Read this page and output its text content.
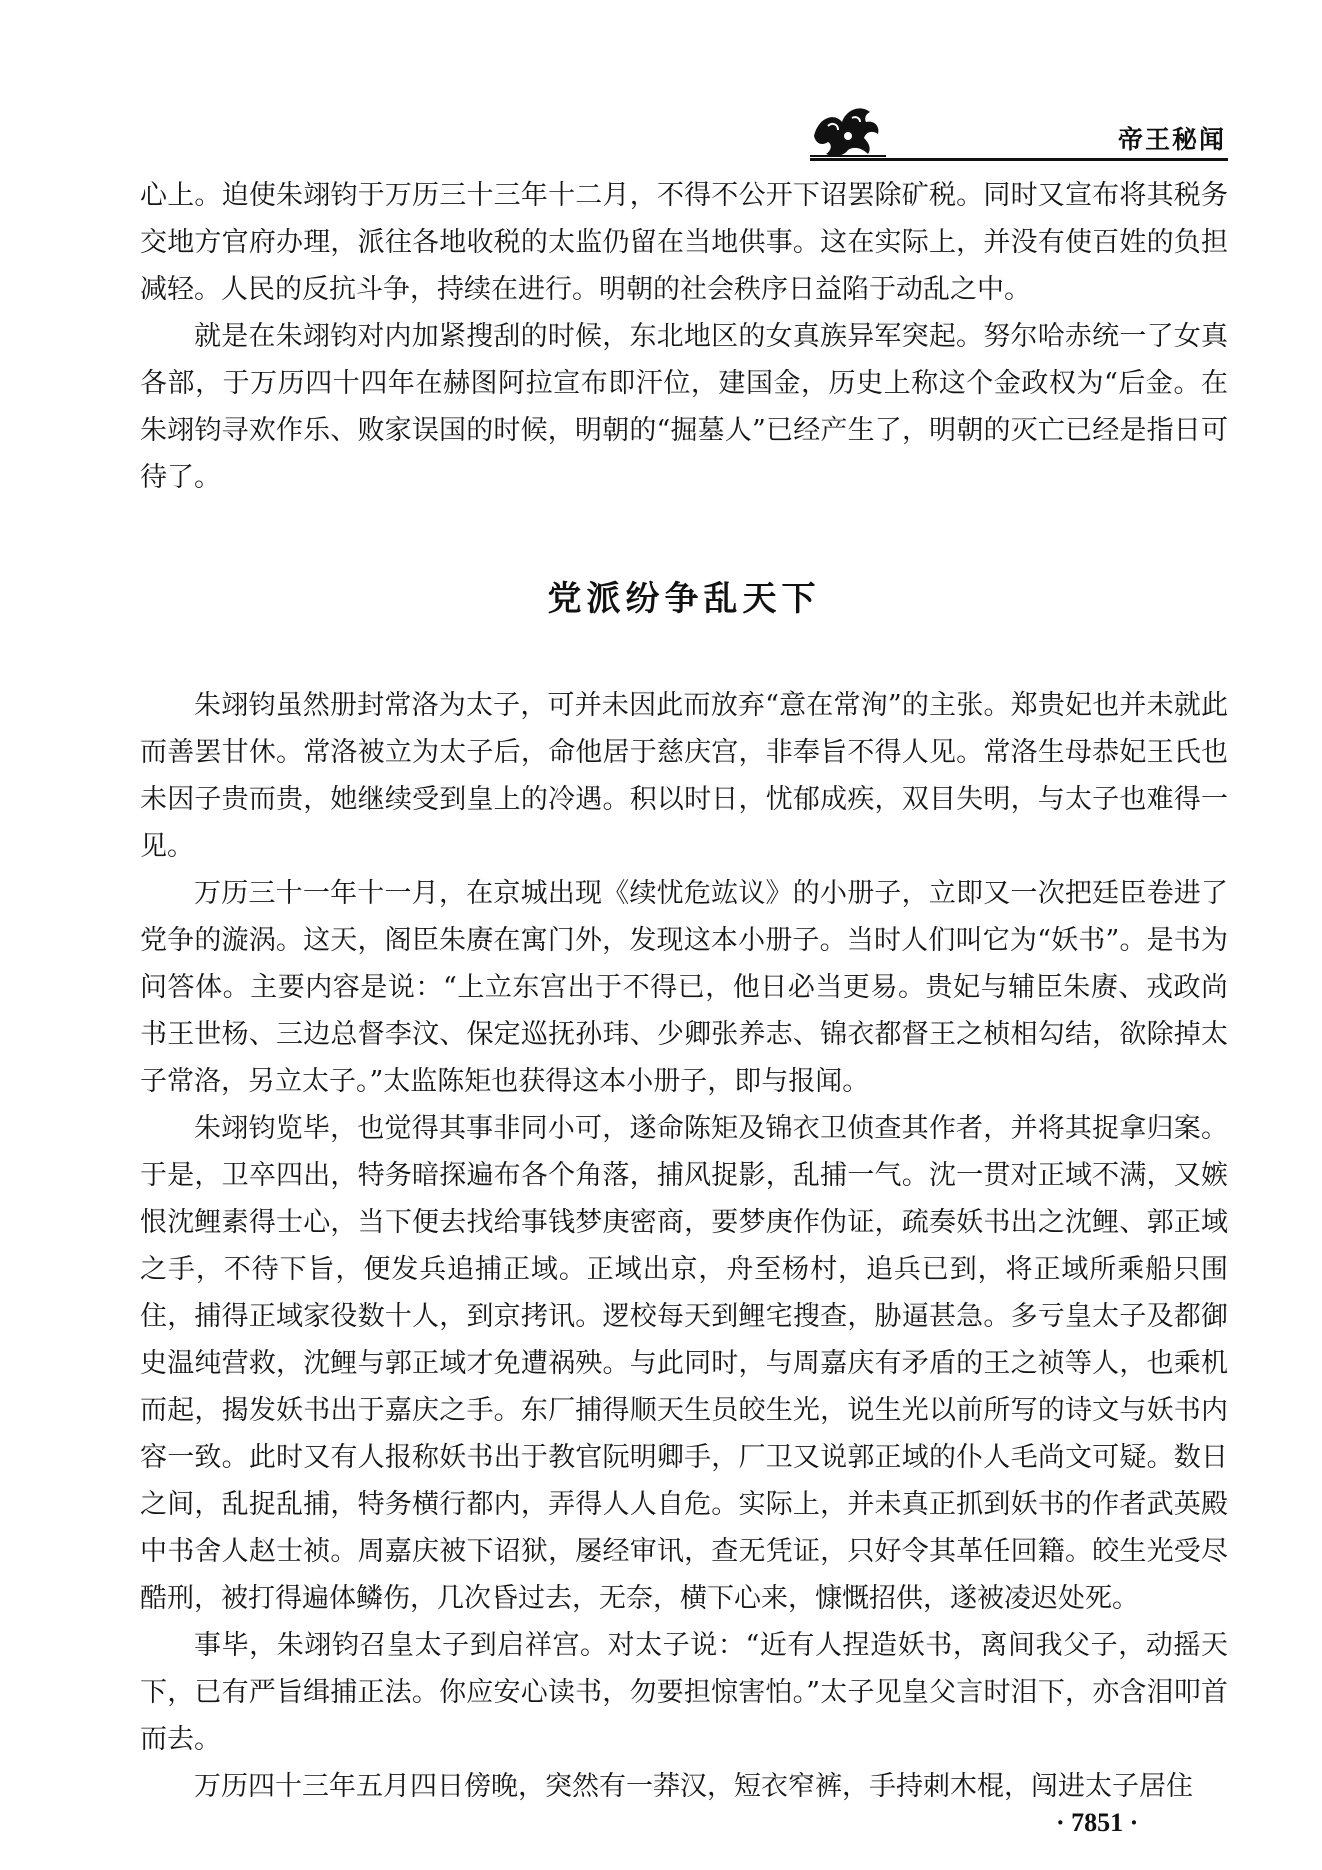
帝王秘闻

心上。迫使朱翊钧于万历三十三年十二月，不得不公开下诏罢除矿税。同时又宣布将其税务交地方官府办理，派往各地收税的太监仍留在当地供事。这在实际上，并没有使百姓的负担减轻。人民的反抗斗争，持续在进行。明朝的社会秩序日益陷于动乱之中。

就是在朱翊钧对内加紧搜刮的时候，东北地区的女真族异军突起。努尔哈赤统一了女真各部，于万历四十四年在赫图阿拉宣布即汗位，建国金，历史上称这个金政权为“后金。在朱翊钧寻欢作乐、败家误国的时候，明朝的“掘墓人”已经产生了，明朝的灭亡已经是指日可待了。

党派纷争乱天下

朱翊钧虽然册封常洛为太子，可并未因此而放弃“意在常洵”的主张。郑贵妃也并未就此而善罢甘休。常洛被立为太子后，命他居于慈庆宫，非奉旨不得人见。常洛生母恭妃王氏也未因子贵而贵，她继续受到皇上的冷遇。积以时日，忧郁成疾，双目失明，与太子也难得一见。

万历三十一年十一月，在京城出现《续忧危竑议》的小册子，立即又一次把廷臣卷进了党争的漩涡。这天，阁臣朱赓在寓门外，发现这本小册子。当时人们叫它为“妖书”。是书为问答体。主要内容是说：“上立东宫出于不得已，他日必当更易。贵妃与辅臣朱赓、戎政尚书王世杨、三边总督李汶、保定巡抚孙玮、少卿张养志、锦衣都督王之桢相勾结，欲除掉太子常洛，另立太子。”太监陈矩也获得这本小册子，即与报闻。

朱翊钧览毕，也觉得其事非同小可，遂命陈矩及锦衣卫侦查其作者，并将其捉拿归案。于是，卫卒四出，特务暗探遍布各个角落，捕风捉影，乱捕一气。沈一贯对正域不满，又嫉恨沈鲤素得士心，当下便去找给事钱梦庚密商，要梦庚作伪证，疏奏妖书出之沈鲤、郭正域之手，不待下旨，便发兵追捕正域。正域出京，舟至杨村，追兵已到，将正域所乘船只围住，捕得正域家役数十人，到京拷讯。逻校每天到鲤宅搜查，胁逼甚急。多亏皇太子及都御史温纯营救，沈鲤与郭正域才免遭祸殃。与此同时，与周嘉庆有矛盾的王之祯等人，也乘机而起，揭发妖书出于嘉庆之手。东厂捕得顺天生员皎生光，说生光以前所写的诗文与妖书内容一致。此时又有人报称妖书出于教官阮明卿手，厂卫又说郭正域的仆人毛尚文可疑。数日之间，乱捉乱捕，特务横行都内，弄得人人自危。实际上，并未真正抓到妖书的作者武英殿中书舍人赵士祯。周嘉庆被下诏狱，屡经审讯，查无凭证，只好令其革任回籍。皎生光受尽酷刑，被打得遍体鳞伤，几次昏过去，无奈，横下心来，慷慨招供，遂被凌迟处死。

事毕，朱翊钧召皇太子到启祥宫。对太子说：“近有人捏造妖书，离间我父子，动摇天下，已有严旨缉捕正法。你应安心读书，勿要担惊害怕。”太子见皇父言时泪下，亦含泪叩首而去。

万历四十三年五月四日傍晚，突然有一莽汉，短衣窄裤，手持刺木棍，闯进太子居住

· 7851 ·
